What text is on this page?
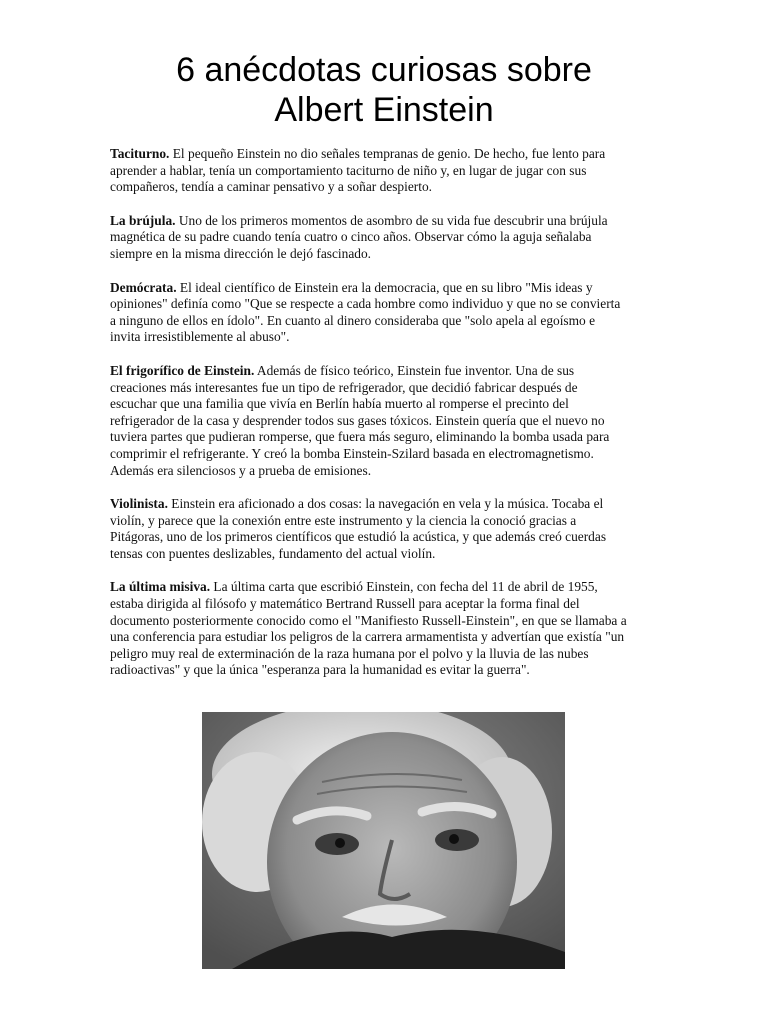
6 anécdotas curiosas sobre
Albert Einstein

Taciturno. El pequeño Einstein no dio señales tempranas de genio. De hecho, fue lento para
aprender a hablar, tenía un comportamiento taciturno de niño y, en lugar de jugar con sus
compañeros, tendía a caminar pensativo y a soñar despierto.

La brújula. Uno de los primeros momentos de asombro de su vida fue descubrir una brújula
magnética de su padre cuando tenía cuatro o cinco años. Observar cómo la aguja señalaba
siempre en la misma dirección le dejó fascinado.

Demócrata. El ideal científico de Einstein era la democracia, que en su libro "Mis ideas y
opiniones" definía como "Que se respecte a cada hombre como individuo y que no se convierta
a ninguno de ellos en ídolo". En cuanto al dinero consideraba que "solo apela al egoísmo e
invita irresistiblemente al abuso".

El frigorífico de Einstein. Además de físico teórico, Einstein fue inventor. Una de sus
creaciones más interesantes fue un tipo de refrigerador, que decidió fabricar después de
escuchar que una familia que vivía en Berlín había muerto al romperse el precinto del
refrigerador de la casa y desprender todos sus gases tóxicos. Einstein quería que el nuevo no
tuviera partes que pudieran romperse, que fuera más seguro, eliminando la bomba usada para
comprimir el refrigerante. Y creó la bomba Einstein-Szilard basada en electromagnetismo.
Además era silenciosos y a prueba de emisiones.

Violinista. Einstein era aficionado a dos cosas: la navegación en vela y la música. Tocaba el
violín, y parece que la conexión entre este instrumento y la ciencia la conoció gracias a
Pitágoras, uno de los primeros científicos que estudió la acústica, y que además creó cuerdas
tensas con puentes deslizables, fundamento del actual violín.

La última misiva. La última carta que escribió Einstein, con fecha del 11 de abril de 1955,
estaba dirigida al filósofo y matemático Bertrand Russell para aceptar la forma final del
documento posteriormente conocido como el "Manifiesto Russell-Einstein", en que se llamaba a
una conferencia para estudiar los peligros de la carrera armamentista y advertían que existía "un
peligro muy real de exterminación de la raza humana por el polvo y la lluvia de las nubes
radioactivas" y que la única "esperanza para la humanidad es evitar la guerra".
